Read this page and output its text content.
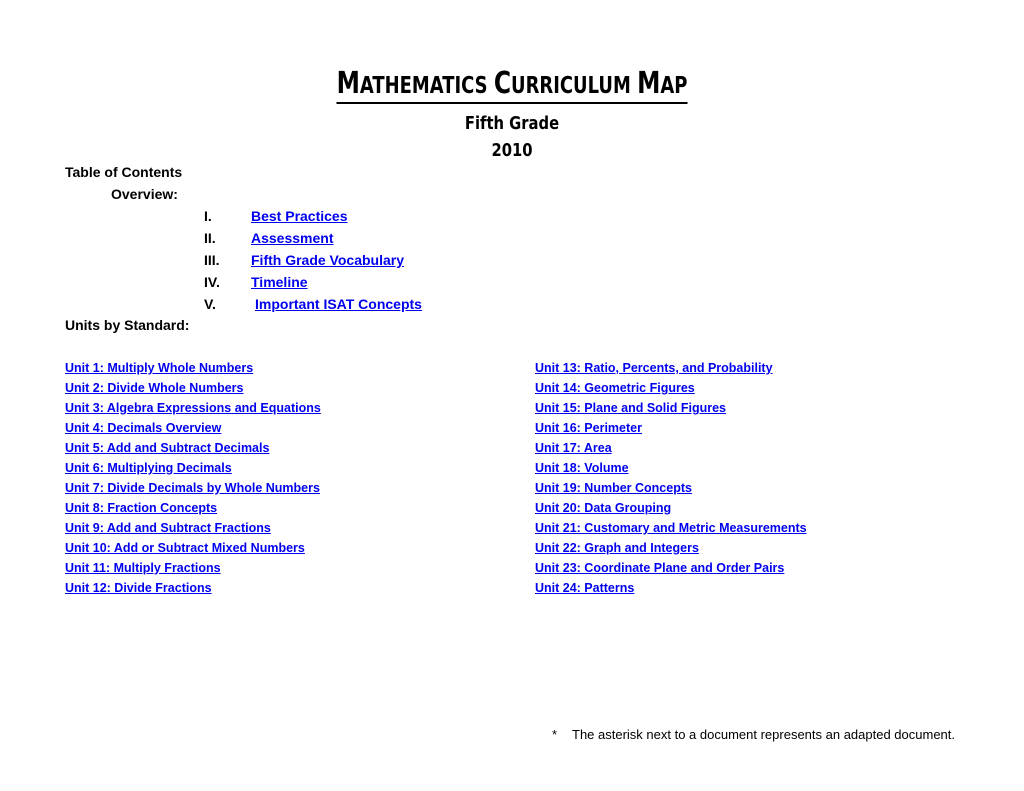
MATHEMATICS CURRICULUM MAP
Fifth Grade
2010
Table of Contents
Overview:
I.	Best Practices
II.	Assessment
III. Fifth Grade Vocabulary
IV. Timeline
V.	Important ISAT Concepts
Units by Standard:
Unit 1: Multiply Whole Numbers
Unit 2: Divide Whole Numbers
Unit 3: Algebra Expressions and Equations
Unit 4: Decimals Overview
Unit 5: Add and Subtract Decimals
Unit 6: Multiplying Decimals
Unit 7: Divide Decimals by Whole Numbers
Unit 8: Fraction Concepts
Unit 9: Add and Subtract Fractions
Unit 10: Add or Subtract Mixed Numbers
Unit 11: Multiply Fractions
Unit 12: Divide Fractions
Unit 13: Ratio, Percents, and Probability
Unit 14: Geometric Figures
Unit 15: Plane and Solid Figures
Unit 16: Perimeter
Unit 17: Area
Unit 18: Volume
Unit 19: Number Concepts
Unit 20: Data Grouping
Unit 21: Customary and Metric Measurements
Unit 22: Graph and Integers
Unit 23: Coordinate Plane and Order Pairs
Unit 24: Patterns
* The asterisk next to a document represents an adapted document.
